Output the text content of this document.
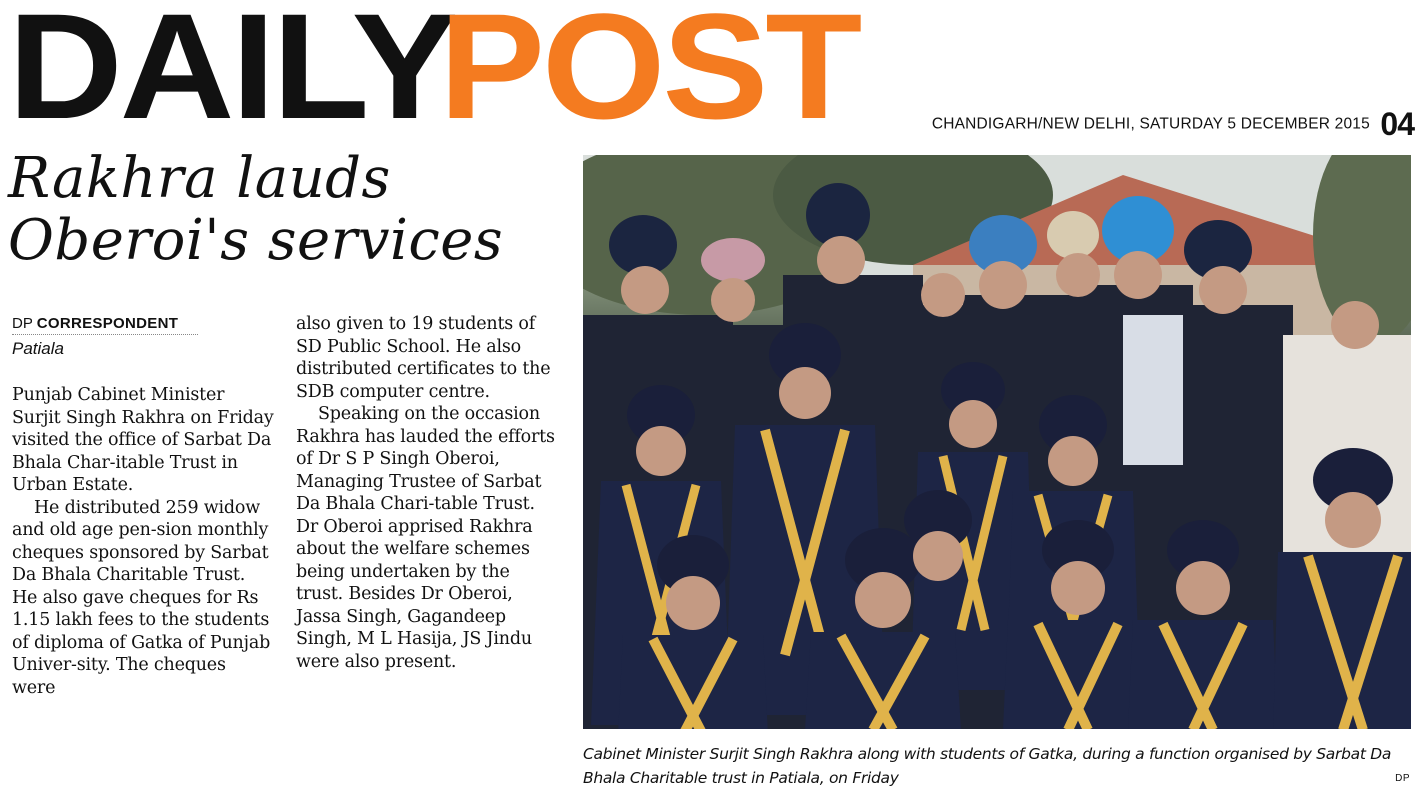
DAILYPOST	CHANDIGARH/NEW DELHI, SATURDAY 5 DECEMBER 2015 04
Rakhra lauds Oberoi's services
DP CORRESPONDENT
Patiala

Punjab Cabinet Minister Surjit Singh Rakhra on Friday visited the office of Sarbat Da Bhala Char-itable Trust in Urban Estate.

He distributed 259 widow and old age pen-sion monthly cheques sponsored by Sarbat Da Bhala Charitable Trust. He also gave cheques for Rs 1.15 lakh fees to the students of diploma of Gatka of Punjab Univer-sity. The cheques were

also given to 19 students of SD Public School. He also distributed certificates to the SDB computer centre.

Speaking on the occasion Rakhra has lauded the efforts of Dr S P Singh Oberoi, Managing Trustee of Sarbat Da Bhala Chari-table Trust. Dr Oberoi apprised Rakhra about the welfare schemes being undertaken by the trust. Besides Dr Oberoi, Jassa Singh, Gagandeep Singh, M L Hasija, JS Jindu were also present.

Cabinet Minister Surjit Singh Rakhra along with students of Gatka, during a function organised by Sarbat Da Bhala Charitable trust in Patiala, on Friday	DP
